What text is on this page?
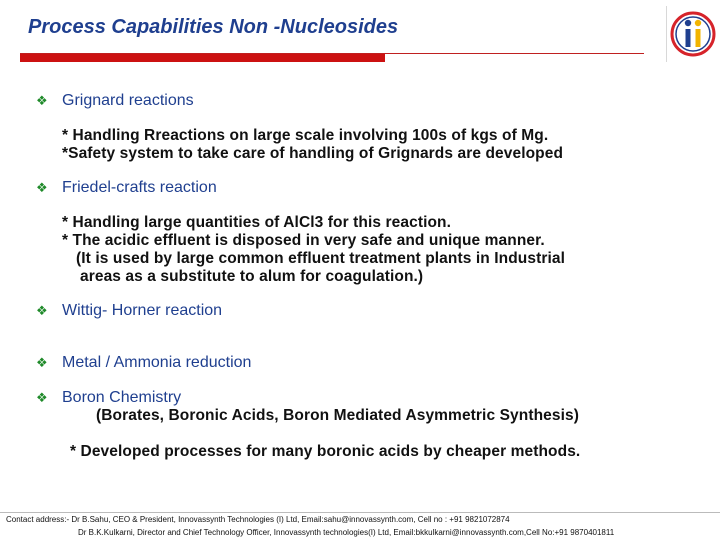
Process Capabilities Non -Nucleosides
❖ Grignard reactions
* Handling Rreactions on large scale involving 100s of kgs of Mg.
*Safety system to take care of handling of Grignards are developed
❖ Friedel-crafts reaction
* Handling large quantities of AlCl3 for this reaction.
* The acidic effluent is disposed in very safe and unique manner.
(It is used by large common effluent treatment plants in Industrial
areas as a substitute to alum for coagulation.)
❖ Wittig- Horner reaction
❖ Metal / Ammonia reduction
❖ Boron Chemistry
(Borates, Boronic Acids, Boron Mediated Asymmetric Synthesis)
* Developed processes for many boronic acids by cheaper methods.
Contact address:- Dr B.Sahu, CEO & President, Innovassynth Technologies (I) Ltd, Email:sahu@innovassynth.com, Cell no : +91 9821072874
Dr B.K.Kulkarni, Director and Chief Technology Officer, Innovassynth technologies(I) Ltd, Email:bkkulkarni@innovassynth.com,Cell No:+91 9870401811
